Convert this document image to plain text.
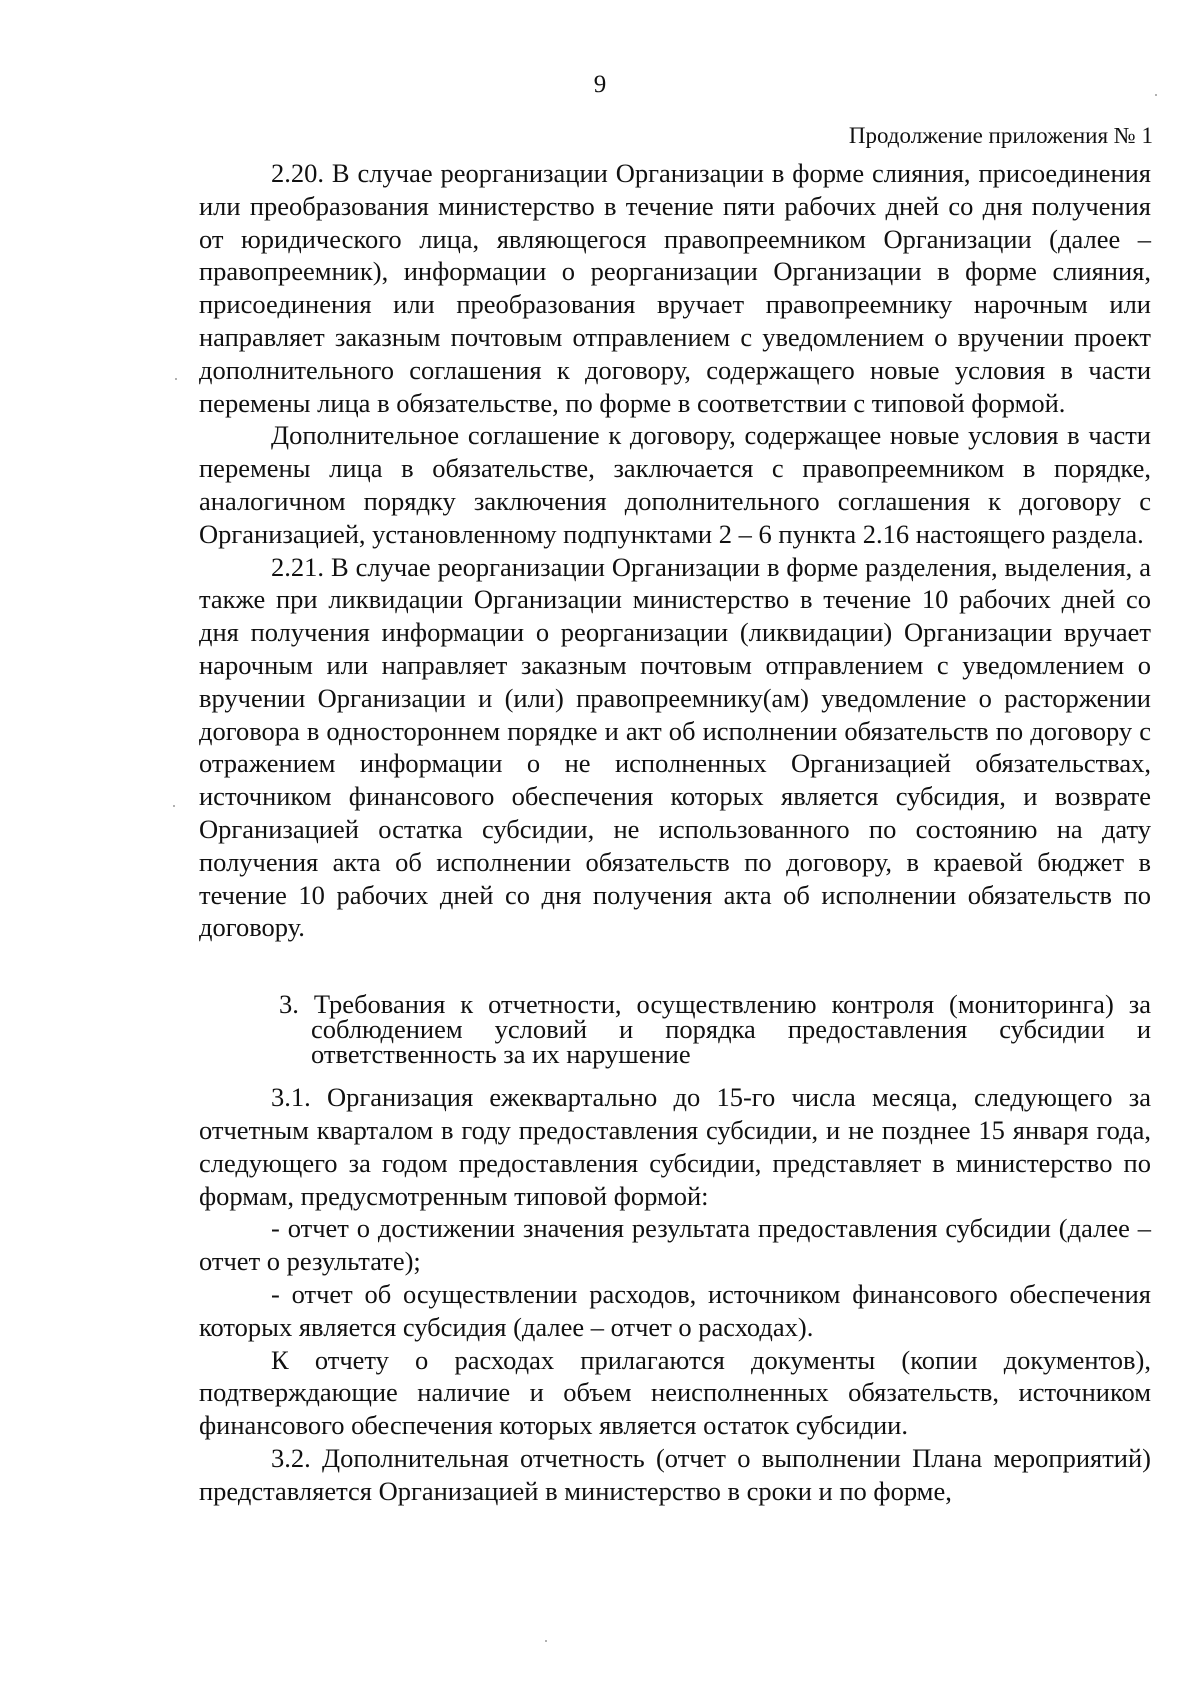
9
Продолжение приложения № 1

2.20. В случае реорганизации Организации в форме слияния, присоединения или преобразования министерство в течение пяти рабочих дней со дня получения от юридического лица, являющегося правопреемником Организации (далее – правопреемник), информации о реорганизации Организации в форме слияния, присоединения или преобразования вручает правопреемнику нарочным или направляет заказным почтовым отправлением с уведомлением о вручении проект дополнительного соглашения к договору, содержащего новые условия в части перемены лица в обязательстве, по форме в соответствии с типовой формой.

Дополнительное соглашение к договору, содержащее новые условия в части перемены лица в обязательстве, заключается с правопреемником в порядке, аналогичном порядку заключения дополнительного соглашения к договору с Организацией, установленному подпунктами 2 – 6 пункта 2.16 настоящего раздела.

2.21. В случае реорганизации Организации в форме разделения, выделения, а также при ликвидации Организации министерство в течение 10 рабочих дней со дня получения информации о реорганизации (ликвидации) Организации вручает нарочным или направляет заказным почтовым отправлением с уведомлением о вручении Организации и (или) правопреемнику(ам) уведомление о расторжении договора в одностороннем порядке и акт об исполнении обязательств по договору с отражением информации о не исполненных Организацией обязательствах, источником финансового обеспечения которых является субсидия, и возврате Организацией остатка субсидии, не использованного по состоянию на дату получения акта об исполнении обязательств по договору, в краевой бюджет в течение 10 рабочих дней со дня получения акта об исполнении обязательств по договору.

3. Требования к отчетности, осуществлению контроля (мониторинга) за соблюдением условий и порядка предоставления субсидии и ответственность за их нарушение

3.1. Организация ежеквартально до 15-го числа месяца, следующего за отчетным кварталом в году предоставления субсидии, и не позднее 15 января года, следующего за годом предоставления субсидии, представляет в министерство по формам, предусмотренным типовой формой:

- отчет о достижении значения результата предоставления субсидии (далее – отчет о результате);

- отчет об осуществлении расходов, источником финансового обеспечения которых является субсидия (далее – отчет о расходах).

К отчету о расходах прилагаются документы (копии документов), подтверждающие наличие и объем неисполненных обязательств, источником финансового обеспечения которых является остаток субсидии.

3.2. Дополнительная отчетность (отчет о выполнении Плана мероприятий) представляется Организацией в министерство в сроки и по форме,
